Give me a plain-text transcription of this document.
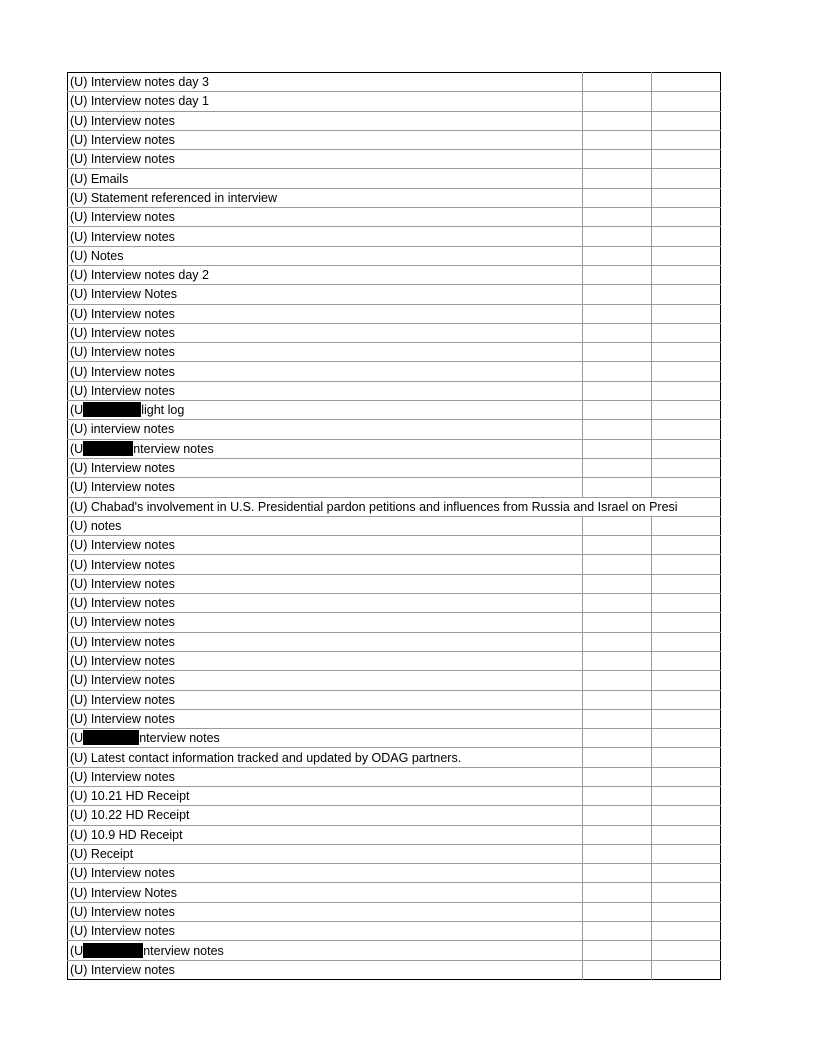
(U) Interview notes day 3		
(U) Interview notes day 1		
(U) Interview notes		
(U) Interview notes		
(U) Interview notes		
(U) Emails		
(U) Statement referenced in interview		
(U) Interview notes		
(U) Interview notes		
(U) Notes		
(U) Interview notes day 2		
(U) Interview Notes		
(U) Interview notes		
(U) Interview notes		
(U) Interview notes		
(U) Interview notes		
(U) Interview notes		
(U light log		
(U) interview notes		
(U nterview notes		
(U) Interview notes		
(U) Interview notes		
(U) Chabad's involvement in U.S. Presidential pardon petitions and influences from Russia and Israel on Presi		
(U) notes		
(U) Interview notes		
(U) Interview notes		
(U) Interview notes		
(U) Interview notes		
(U) Interview notes		
(U) Interview notes		
(U) Interview notes		
(U) Interview notes		
(U) Interview notes		
(U) Interview notes		
(U nterview notes		
(U) Latest contact information tracked and updated by ODAG partners.		
(U) Interview notes		
(U) 10.21 HD Receipt		
(U) 10.22 HD Receipt		
(U) 10.9 HD Receipt		
(U) Receipt		
(U) Interview notes		
(U) Interview Notes		
(U) Interview notes		
(U) Interview notes		
(U nterview notes		
(U) Interview notes		
